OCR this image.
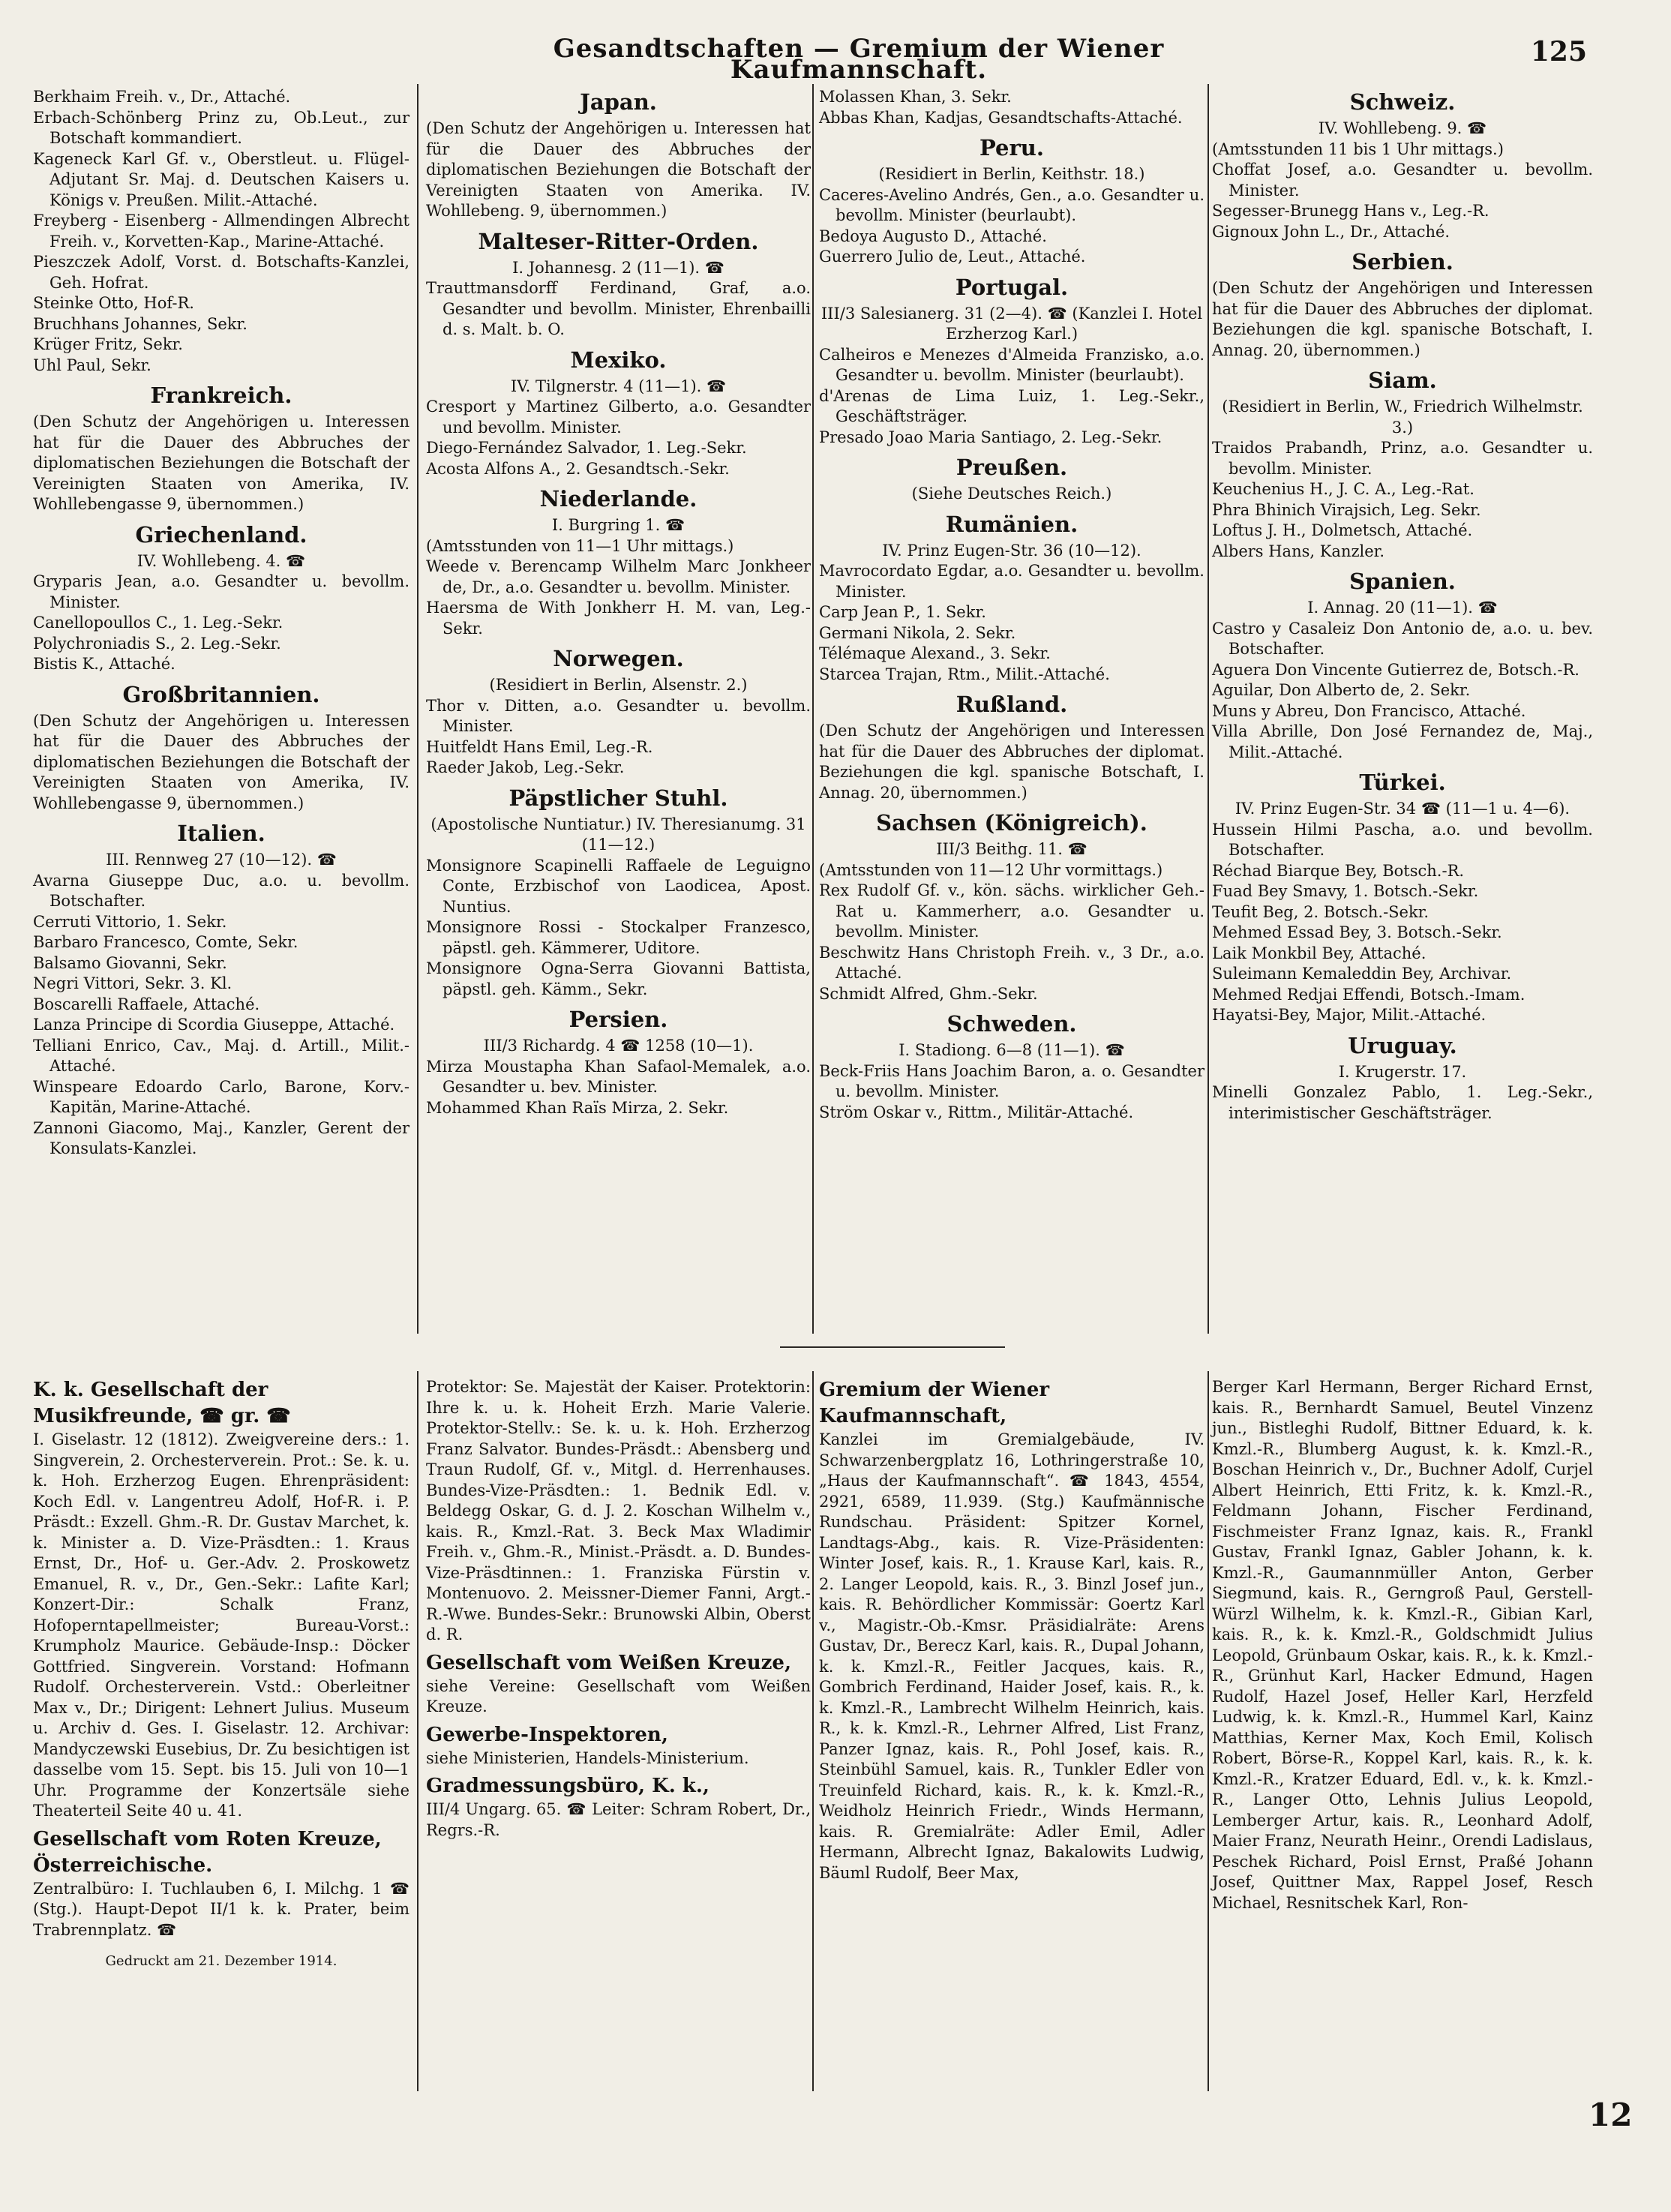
Gesandtschaften — Gremium der Wiener Kaufmannschaft.
125
Berkhaim Freih. v., Dr., Attaché.
Erbach-Schönberg Prinz zu, Ob.Leut., zur Botschaft kommandiert.
Kageneck Karl Gf. v., Oberstleut. u. Flügel-Adjutant Sr. Maj. d. Deutschen Kaisers u. Königs v. Preußen. Milit.-Attaché.
Freyberg - Eisenberg - Allmendingen Albrecht Freih. v., Korvetten-Kap., Marine-Attaché.
Pieszczek Adolf, Vorst. d. Botschafts-Kanzlei, Geh. Hofrat.
Steinke Otto, Hof-R.
Bruchhans Johannes, Sekr.
Krüger Fritz, Sekr.
Uhl Paul, Sekr.
Frankreich.
(Den Schutz der Angehörigen u. Interessen hat für die Dauer des Abbruches der diplomatischen Beziehungen die Botschaft der Vereinigten Staaten von Amerika, IV. Wohllebengasse 9, übernommen.)
Griechenland.
IV. Wohllebeng. 4. ☎
Gryparis Jean, a.o. Gesandter u. bevollm. Minister.
Canellopoullos C., 1. Leg.-Sekr.
Polychroniadis S., 2. Leg.-Sekr.
Bistis K., Attaché.
Großbritannien.
(Den Schutz der Angehörigen u. Interessen hat für die Dauer des Abbruches der diplomatischen Beziehungen die Botschaft der Vereinigten Staaten von Amerika, IV. Wohllebengasse 9, übernommen.)
Italien.
III. Rennweg 27 (10—12). ☎
Avarna Giuseppe Duc, a.o. u. bevollm. Botschafter.
Cerruti Vittorio, 1. Sekr.
Barbaro Francesco, Comte, Sekr.
Balsamo Giovanni, Sekr.
Negri Vittori, Sekr. 3. Kl.
Boscarelli Raffaele, Attaché.
Lanza Principe di Scordia Giuseppe, Attaché.
Telliani Enrico, Cav., Maj. d. Artill., Milit.-Attaché.
Winspeare Edoardo Carlo, Barone, Korv.-Kapitän, Marine-Attaché.
Zannoni Giacomo, Maj., Kanzler, Gerent der Konsulats-Kanzlei.
Japan.
(Den Schutz der Angehörigen u. Interessen hat für die Dauer des Abbruches der diplomatischen Beziehungen die Botschaft der Vereinigten Staaten von Amerika. IV. Wohllebeng. 9, übernommen.)
Malteser-Ritter-Orden.
I. Johannesg. 2 (11—1). ☎
Trauttmansdorff Ferdinand, Graf, a.o. Gesandter und bevollm. Minister, Ehrenbailli d. s. Malt. b. O.
Mexiko.
IV. Tilgnerstr. 4 (11—1). ☎
Cresport y Martinez Gilberto, a.o. Gesandter und bevollm. Minister.
Diego-Fernández Salvador, 1. Leg.-Sekr.
Acosta Alfons A., 2. Gesandtsch.-Sekr.
Niederlande.
I. Burgring 1. ☎
(Amtsstunden von 11—1 Uhr mittags.)
Weede v. Berencamp Wilhelm Marc Jonkheer de, Dr., a.o. Gesandter u. bevollm. Minister.
Haersma de With Jonkherr H. M. van, Leg.-Sekr.
Norwegen.
(Residiert in Berlin, Alsenstr. 2.)
Thor v. Ditten, a.o. Gesandter u. bevollm. Minister.
Huitfeldt Hans Emil, Leg.-R.
Raeder Jakob, Leg.-Sekr.
Päpstlicher Stuhl.
(Apostolische Nuntiatur.) IV. Theresianumg. 31 (11—12.)
Monsignore Scapinelli Raffaele de Leguigno Conte, Erzbischof von Laodicea, Apost. Nuntius.
Monsignore Rossi - Stockalper Franzesco, päpstl. geh. Kämmerer, Uditore.
Monsignore Ogna-Serra Giovanni Battista, päpstl. geh. Kämm., Sekr.
Persien.
III/3 Richardg. 4 ☎ 1258 (10—1).
Mirza Moustapha Khan Safaol-Memalek, a.o. Gesandter u. bev. Minister.
Mohammed Khan Raïs Mirza, 2. Sekr.
Molassen Khan, 3. Sekr.
Abbas Khan, Kadjas, Gesandtschafts-Attaché.
Peru.
(Residiert in Berlin, Keithstr. 18.)
Caceres-Avelino Andrés, Gen., a.o. Gesandter u. bevollm. Minister (beurlaubt).
Bedoya Augusto D., Attaché.
Guerrero Julio de, Leut., Attaché.
Portugal.
III/3 Salesianerg. 31 (2—4). ☎ (Kanzlei I. Hotel Erzherzog Karl.)
Calheiros e Menezes d'Almeida Franzisko, a.o. Gesandter u. bevollm. Minister (beurlaubt).
d'Arenas de Lima Luiz, 1. Leg.-Sekr., Geschäftsträger.
Presado Joao Maria Santiago, 2. Leg.-Sekr.
Preußen.
(Siehe Deutsches Reich.)
Rumänien.
IV. Prinz Eugen-Str. 36 (10—12).
Mavrocordato Egdar, a.o. Gesandter u. bevollm. Minister.
Carp Jean P., 1. Sekr.
Germani Nikola, 2. Sekr.
Télémaque Alexand., 3. Sekr.
Starcea Trajan, Rtm., Milit.-Attaché.
Rußland.
(Den Schutz der Angehörigen und Interessen hat für die Dauer des Abbruches der diplomat. Beziehungen die kgl. spanische Botschaft, I. Annag. 20, übernommen.)
Sachsen (Königreich).
III/3 Beithg. 11. ☎
(Amtsstunden von 11—12 Uhr vormittags.)
Rex Rudolf Gf. v., kön. sächs. wirklicher Geh.-Rat u. Kammerherr, a.o. Gesandter u. bevollm. Minister.
Beschwitz Hans Christoph Freih. v., 3 Dr., a.o. Attaché.
Schmidt Alfred, Ghm.-Sekr.
Schweden.
I. Stadiong. 6—8 (11—1). ☎
Beck-Friis Hans Joachim Baron, a. o. Gesandter u. bevollm. Minister.
Ström Oskar v., Rittm., Militär-Attaché.
Schweiz.
IV. Wohllebeng. 9. ☎
(Amtsstunden 11 bis 1 Uhr mittags.)
Choffat Josef, a.o. Gesandter u. bevollm. Minister.
Segesser-Brunegg Hans v., Leg.-R.
Gignoux John L., Dr., Attaché.
Serbien.
(Den Schutz der Angehörigen und Interessen hat für die Dauer des Abbruches der diplomat. Beziehungen die kgl. spanische Botschaft, I. Annag. 20, übernommen.)
Siam.
(Residiert in Berlin, W., Friedrich Wilhelmstr. 3.)
Traidos Prabandh, Prinz, a.o. Gesandter u. bevollm. Minister.
Keuchenius H., J. C. A., Leg.-Rat.
Phra Bhinich Virajsich, Leg. Sekr.
Loftus J. H., Dolmetsch, Attaché.
Albers Hans, Kanzler.
Spanien.
I. Annag. 20 (11—1). ☎
Castro y Casaleiz Don Antonio de, a.o. u. bev. Botschafter.
Aguera Don Vincente Gutierrez de, Botsch.-R.
Aguilar, Don Alberto de, 2. Sekr.
Muns y Abreu, Don Francisco, Attaché.
Villa Abrille, Don José Fernandez de, Maj., Milit.-Attaché.
Türkei.
IV. Prinz Eugen-Str. 34 ☎ (11—1 u. 4—6).
Hussein Hilmi Pascha, a.o. und bevollm. Botschafter.
Réchad Biarque Bey, Botsch.-R.
Fuad Bey Smavy, 1. Botsch.-Sekr.
Teufit Beg, 2. Botsch.-Sekr.
Mehmed Essad Bey, 3. Botsch.-Sekr.
Laik Monkbil Bey, Attaché.
Suleimann Kemaleddin Bey, Archivar.
Mehmed Redjai Effendi, Botsch.-Imam.
Hayatsi-Bey, Major, Milit.-Attaché.
Uruguay.
I. Krugerstr. 17.
Minelli Gonzalez Pablo, 1. Leg.-Sekr., interimistischer Geschäftsträger.
K. k. Gesellschaft der Musikfreunde, ☎ gr. ☎
I. Giselastr. 12 (1812). Zweigvereine ders.: 1. Singverein, 2. Orchesterverein. Prot.: Se. k. u. k. Hoh. Erzherzog Eugen. Ehrenpräsident: Koch Edl. v. Langentreu Adolf, Hof-R. i. P. Präsdt.: Exzell. Ghm.-R. Dr. Gustav Marchet, k. k. Minister a. D. Vize-Präsdten.: 1. Kraus Ernst, Dr., Hof- u. Ger.-Adv. 2. Proskowetz Emanuel, R. v., Dr., Gen.-Sekr.: Lafite Karl; Konzert-Dir.: Schalk Franz, Hofoperntapellmeister; Bureau-Vorst.: Krumpholz Maurice. Gebäude-Insp.: Döcker Gottfried. Singverein. Vorstand: Hofmann Rudolf. Orchesterverein. Vstd.: Oberleitner Max v., Dr.; Dirigent: Lehnert Julius. Museum u. Archiv d. Ges. I. Giselastr. 12. Archivar: Mandyczewski Eusebius, Dr. Zu besichtigen ist dasselbe vom 15. Sept. bis 15. Juli von 10—1 Uhr. Programme der Konzertsäle siehe Theaterteil Seite 40 u. 41.
Gesellschaft vom Roten Kreuze, Österreichische.
Zentralbüro: I. Tuchlauben 6, I. Milchg. 1 ☎ (Stg.). Haupt-Depot II/1 k. k. Prater, beim Trabrennplatz. ☎
Gedruckt am 21. Dezember 1914.
Protektor: Se. Majestät der Kaiser. Protektorin: Ihre k. u. k. Hoheit Erzh. Marie Valerie. Protektor-Stellv.: Se. k. u. k. Hoh. Erzherzog Franz Salvator. Bundes-Präsdt.: Abensberg und Traun Rudolf, Gf. v., Mitgl. d. Herrenhauses. Bundes-Vize-Präsdten.: 1. Bednik Edl. v. Beldegg Oskar, G. d. J. 2. Koschan Wilhelm v., kais. R., Kmzl.-Rat. 3. Beck Max Wladimir Freih. v., Ghm.-R., Minist.-Präsdt. a. D. Bundes-Vize-Präsdtinnen.: 1. Franziska Fürstin v. Montenuovo. 2. Meissner-Diemer Fanni, Argt.-R.-Wwe. Bundes-Sekr.: Brunowski Albin, Oberst d. R.
Gesellschaft vom Weißen Kreuze,
siehe Vereine: Gesellschaft vom Weißen Kreuze.
Gewerbe-Inspektoren,
siehe Ministerien, Handels-Ministerium.
Gradmessungsbüro, K. k.,
III/4 Ungarg. 65. ☎ Leiter: Schram Robert, Dr., Regrs.-R.
Gremium der Wiener Kaufmannschaft,
Kanzlei im Gremialgebäude, IV. Schwarzenbergplatz 16, Lothringerstraße 10, „Haus der Kaufmannschaft“. ☎ 1843, 4554, 2921, 6589, 11.939. (Stg.) Kaufmännische Rundschau. Präsident: Spitzer Kornel, Landtags-Abg., kais. R. Vize-Präsidenten: Winter Josef, kais. R., 1. Krause Karl, kais. R., 2. Langer Leopold, kais. R., 3. Binzl Josef jun., kais. R. Behördlicher Kommissär: Goertz Karl v., Magistr.-Ob.-Kmsr. Präsidialräte: Arens Gustav, Dr., Berecz Karl, kais. R., Dupal Johann, k. k. Kmzl.-R., Feitler Jacques, kais. R., Gombrich Ferdinand, Haider Josef, kais. R., k. k. Kmzl.-R., Lambrecht Wilhelm Heinrich, kais. R., k. k. Kmzl.-R., Lehrner Alfred, List Franz, Panzer Ignaz, kais. R., Pohl Josef, kais. R., Steinbühl Samuel, kais. R., Tunkler Edler von Treuinfeld Richard, kais. R., k. k. Kmzl.-R., Weidholz Heinrich Friedr., Winds Hermann, kais. R. Gremialräte: Adler Emil, Adler Hermann, Albrecht Ignaz, Bakalowits Ludwig, Bäuml Rudolf, Beer Max,
Berger Karl Hermann, Berger Richard Ernst, kais. R., Bernhardt Samuel, Beutel Vinzenz jun., Bistleghi Rudolf, Bittner Eduard, k. k. Kmzl.-R., Blumberg August, k. k. Kmzl.-R., Boschan Heinrich v., Dr., Buchner Adolf, Curjel Albert Heinrich, Etti Fritz, k. k. Kmzl.-R., Feldmann Johann, Fischer Ferdinand, Fischmeister Franz Ignaz, kais. R., Frankl Gustav, Frankl Ignaz, Gabler Johann, k. k. Kmzl.-R., Gaumannmüller Anton, Gerber Siegmund, kais. R., Gerngroß Paul, Gerstell-Würzl Wilhelm, k. k. Kmzl.-R., Gibian Karl, kais. R., k. k. Kmzl.-R., Goldschmidt Julius Leopold, Grünbaum Oskar, kais. R., k. k. Kmzl.-R., Grünhut Karl, Hacker Edmund, Hagen Rudolf, Hazel Josef, Heller Karl, Herzfeld Ludwig, k. k. Kmzl.-R., Hummel Karl, Kainz Matthias, Kerner Max, Koch Emil, Kolisch Robert, Börse-R., Koppel Karl, kais. R., k. k. Kmzl.-R., Kratzer Eduard, Edl. v., k. k. Kmzl.-R., Langer Otto, Lehnis Julius Leopold, Lemberger Artur, kais. R., Leonhard Adolf, Maier Franz, Neurath Heinr., Orendi Ladislaus, Peschek Richard, Poisl Ernst, Praßé Johann Josef, Quittner Max, Rappel Josef, Resch Michael, Resnitschek Karl, Ron-
12
